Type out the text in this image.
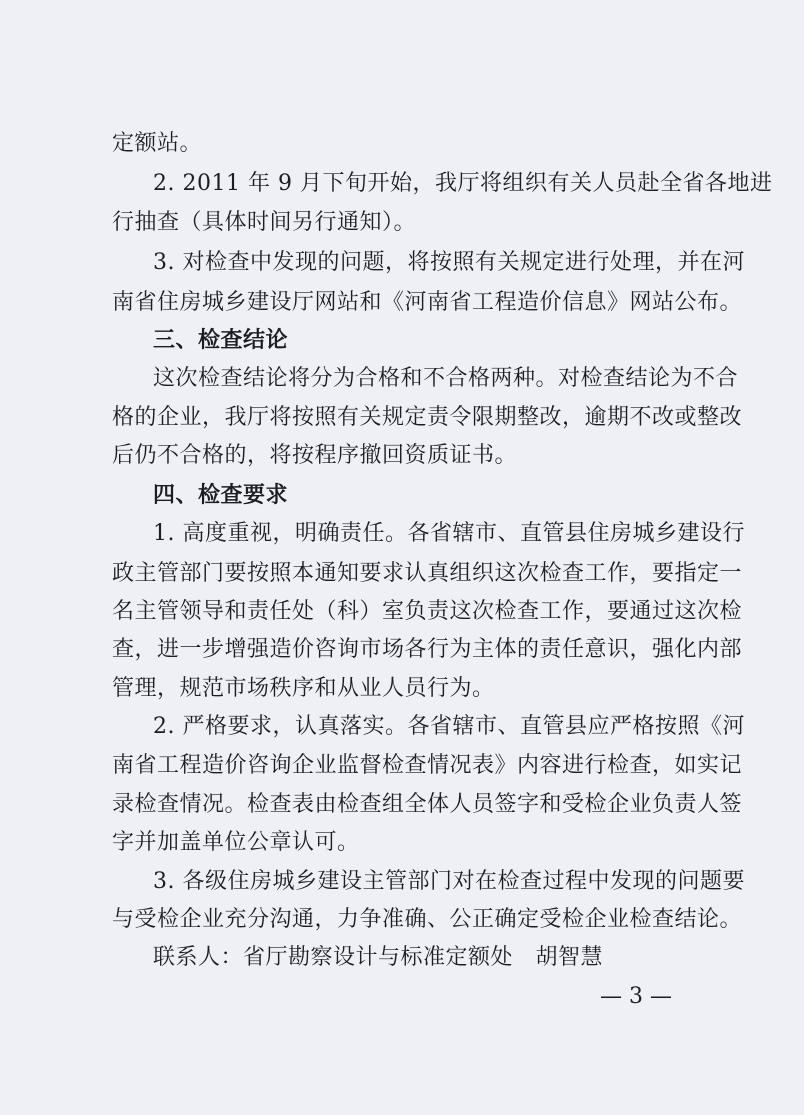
定额站。
2. 2011 年 9 月下旬开始，我厅将组织有关人员赴全省各地进
行抽查（具体时间另行通知）。
3. 对检查中发现的问题，将按照有关规定进行处理，并在河
南省住房城乡建设厅网站和《河南省工程造价信息》网站公布。
三、检查结论
这次检查结论将分为合格和不合格两种。对检查结论为不合
格的企业，我厅将按照有关规定责令限期整改，逾期不改或整改
后仍不合格的，将按程序撤回资质证书。
四、检查要求
1. 高度重视，明确责任。各省辖市、直管县住房城乡建设行
政主管部门要按照本通知要求认真组织这次检查工作，要指定一
名主管领导和责任处（科）室负责这次检查工作，要通过这次检
查，进一步增强造价咨询市场各行为主体的责任意识，强化内部
管理，规范市场秩序和从业人员行为。
2. 严格要求，认真落实。各省辖市、直管县应严格按照《河
南省工程造价咨询企业监督检查情况表》内容进行检查，如实记
录检查情况。检查表由检查组全体人员签字和受检企业负责人签
字并加盖单位公章认可。
3. 各级住房城乡建设主管部门对在检查过程中发现的问题要
与受检企业充分沟通，力争准确、公正确定受检企业检查结论。
联系人：省厅勘察设计与标准定额处　胡智慧
— 3 —
